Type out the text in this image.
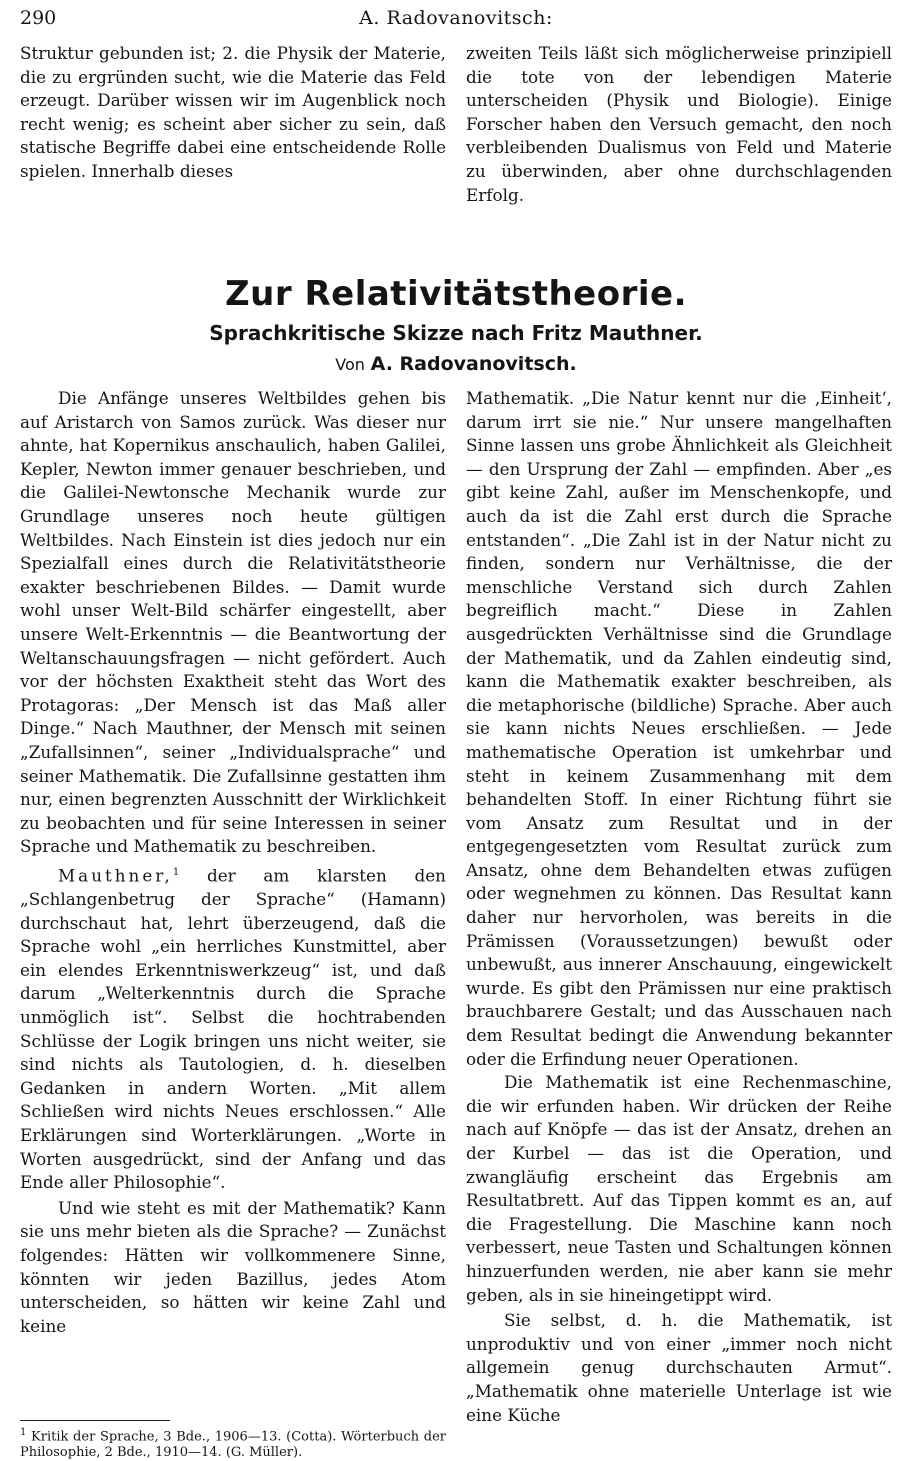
290	A. Radovanovitsch:

Struktur gebunden ist; 2. die Physik der Materie, die zu ergründen sucht, wie die Materie das Feld erzeugt. Darüber wissen wir im Augenblick noch recht wenig; es scheint aber sicher zu sein, daß statische Begriffe dabei eine entscheidende Rolle spielen. Innerhalb dieses

zweiten Teils läßt sich möglicherweise prinzipiell die tote von der lebendigen Materie unterscheiden (Physik und Biologie). Einige Forscher haben den Versuch gemacht, den noch verbleibenden Dualismus von Feld und Materie zu überwinden, aber ohne durchschlagenden Erfolg.

Zur Relativitätstheorie.
Sprachkritische Skizze nach Fritz Mauthner.
Von A. Radovanovitsch.

Die Anfänge unseres Weltbildes gehen bis auf Aristarch von Samos zurück. Was dieser nur ahnte, hat Kopernikus anschaulich, haben Galilei, Kepler, Newton immer genauer beschrieben, und die Galilei-Newtonsche Mechanik wurde zur Grundlage unseres noch heute gültigen Weltbildes. Nach Einstein ist dies jedoch nur ein Spezialfall eines durch die Relativitätstheorie exakter beschriebenen Bildes. — Damit wurde wohl unser Welt-Bild schärfer eingestellt, aber unsere Welt-Erkenntnis — die Beantwortung der Weltanschauungsfragen — nicht gefördert. Auch vor der höchsten Exaktheit steht das Wort des Protagoras: „Der Mensch ist das Maß aller Dinge.“ Nach Mauthner, der Mensch mit seinen „Zufallsinnen“, seiner „Individualsprache“ und seiner Mathematik. Die Zufallsinne gestatten ihm nur, einen begrenzten Ausschnitt der Wirklichkeit zu beobachten und für seine Interessen in seiner Sprache und Mathematik zu beschreiben.

Mauthner,$^1$ der am klarsten den „Schlangenbetrug der Sprache“ (Hamann) durchschaut hat, lehrt überzeugend, daß die Sprache wohl „ein herrliches Kunstmittel, aber ein elendes Erkenntniswerkzeug“ ist, und daß darum „Welterkenntnis durch die Sprache unmöglich ist“. Selbst die hochtrabenden Schlüsse der Logik bringen uns nicht weiter, sie sind nichts als Tautologien, d. h. dieselben Gedanken in andern Worten. „Mit allem Schließen wird nichts Neues erschlossen.“ Alle Erklärungen sind Worterklärungen. „Worte in Worten ausgedrückt, sind der Anfang und das Ende aller Philosophie“.

Und wie steht es mit der Mathematik? Kann sie uns mehr bieten als die Sprache? — Zunächst folgendes: Hätten wir vollkommenere Sinne, könnten wir jeden Bazillus, jedes Atom unterscheiden, so hätten wir keine Zahl und keine

$^1$ Kritik der Sprache, 3 Bde., 1906—13. (Cotta). Wörterbuch der Philosophie, 2 Bde., 1910—14. (G. Müller).

Mathematik. „Die Natur kennt nur die ‚Einheit‘, darum irrt sie nie.“ Nur unsere mangelhaften Sinne lassen uns grobe Ähnlichkeit als Gleichheit — den Ursprung der Zahl — empfinden. Aber „es gibt keine Zahl, außer im Menschenkopfe, und auch da ist die Zahl erst durch die Sprache entstanden“. „Die Zahl ist in der Natur nicht zu finden, sondern nur Verhältnisse, die der menschliche Verstand sich durch Zahlen begreiflich macht.“ Diese in Zahlen ausgedrückten Verhältnisse sind die Grundlage der Mathematik, und da Zahlen eindeutig sind, kann die Mathematik exakter beschreiben, als die metaphorische (bildliche) Sprache. Aber auch sie kann nichts Neues erschließen. — Jede mathematische Operation ist umkehrbar und steht in keinem Zusammenhang mit dem behandelten Stoff. In einer Richtung führt sie vom Ansatz zum Resultat und in der entgegengesetzten vom Resultat zurück zum Ansatz, ohne dem Behandelten etwas zufügen oder wegnehmen zu können. Das Resultat kann daher nur hervorholen, was bereits in die Prämissen (Voraussetzungen) bewußt oder unbewußt, aus innerer Anschauung, eingewickelt wurde. Es gibt den Prämissen nur eine praktisch brauchbarere Gestalt; und das Ausschauen nach dem Resultat bedingt die Anwendung bekannter oder die Erfindung neuer Operationen.

Die Mathematik ist eine Rechenmaschine, die wir erfunden haben. Wir drücken der Reihe nach auf Knöpfe — das ist der Ansatz, drehen an der Kurbel — das ist die Operation, und zwangläufig erscheint das Ergebnis am Resultatbrett. Auf das Tippen kommt es an, auf die Fragestellung. Die Maschine kann noch verbessert, neue Tasten und Schaltungen können hinzuerfunden werden, nie aber kann sie mehr geben, als in sie hineingetippt wird.

Sie selbst, d. h. die Mathematik, ist unproduktiv und von einer „immer noch nicht allgemein genug durchschauten Armut“. „Mathematik ohne materielle Unterlage ist wie eine Küche
